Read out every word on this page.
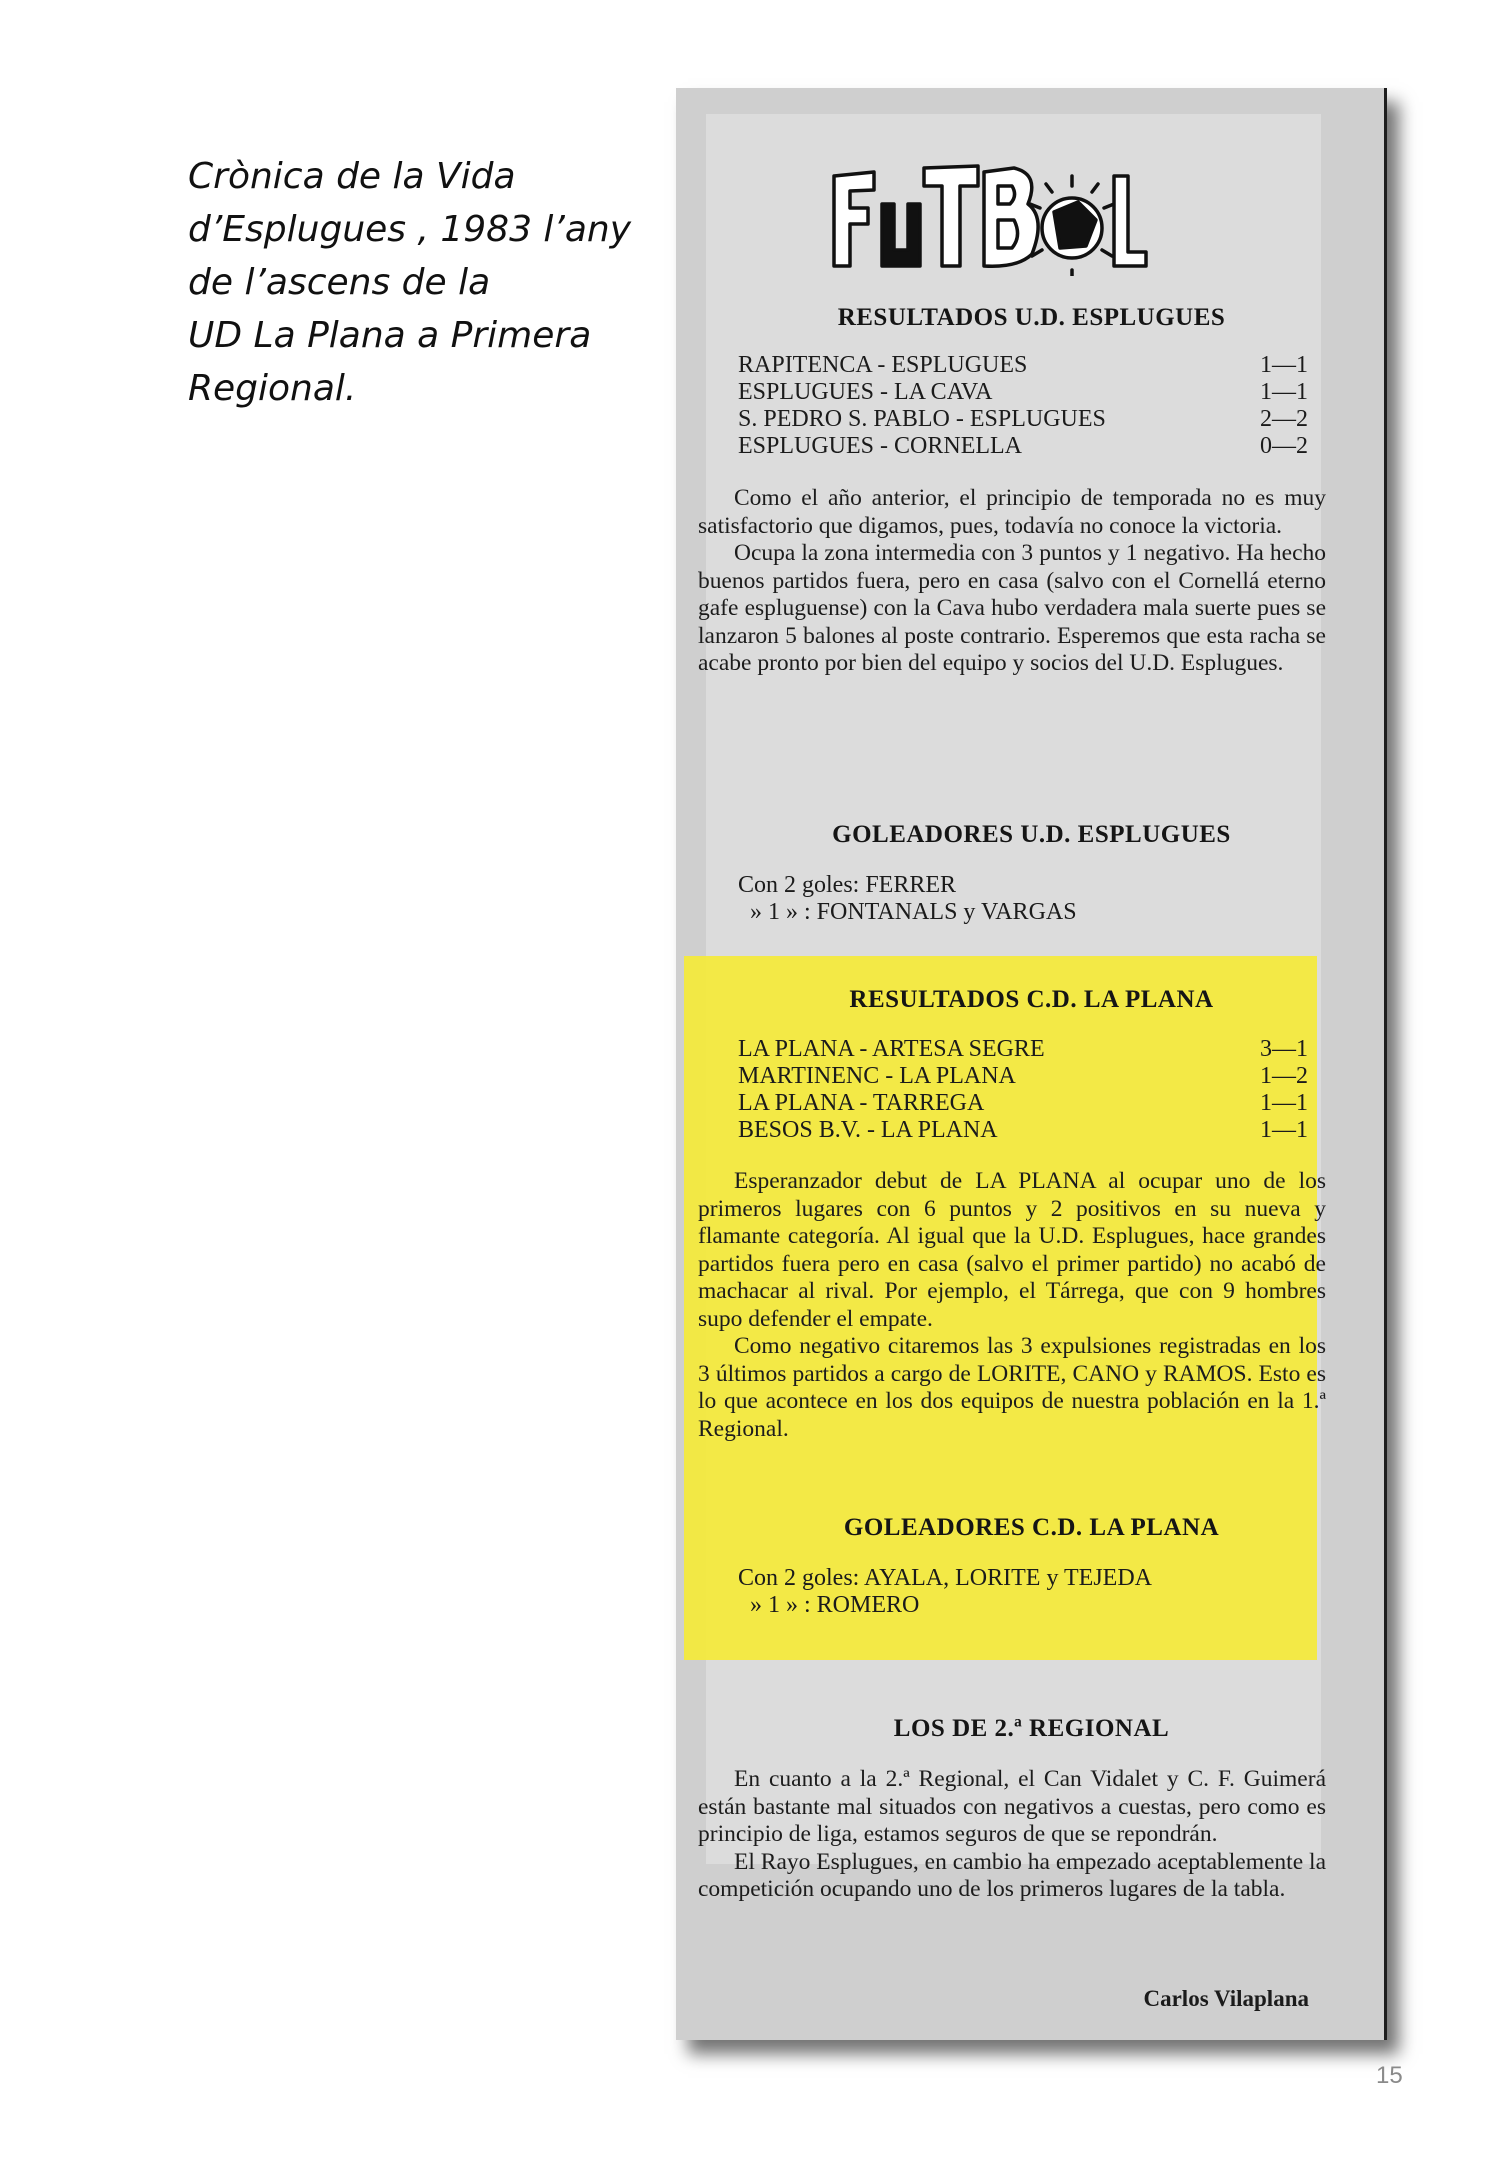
Crònica de la Vida
d’Esplugues , 1983 l’any
de l’ascens de la
UD La Plana a Primera
Regional.
RESULTADOS U.D. ESPLUGUES
RAPITENCA - ESPLUGUES	1—1
ESPLUGUES - LA CAVA	1—1
S. PEDRO S. PABLO - ESPLUGUES	2—2
ESPLUGUES - CORNELLA	0—2

Como el año anterior, el principio de temporada no es muy satisfactorio que digamos, pues, todavía no conoce la victoria.

Ocupa la zona intermedia con 3 puntos y 1 negativo. Ha hecho buenos partidos fuera, pero en casa (salvo con el Cornellá eterno gafe espluguense) con la Cava hubo verdadera mala suerte pues se lanzaron 5 balones al poste contrario. Esperemos que esta racha se acabe pronto por bien del equipo y socios del U.D. Esplugues.

GOLEADORES U.D. ESPLUGUES
Con 2 goles: FERRER
» 1 » : FONTANALS y VARGAS
RESULTADOS C.D. LA PLANA
LA PLANA - ARTESA SEGRE	3—1
MARTINENC - LA PLANA	1—2
LA PLANA - TARREGA	1—1
BESOS B.V. - LA PLANA	1—1

Esperanzador debut de LA PLANA al ocupar uno de los primeros lugares con 6 puntos y 2 positivos en su nueva y flamante categoría. Al igual que la U.D. Esplugues, hace grandes partidos fuera pero en casa (salvo el primer partido) no acabó de machacar al rival. Por ejemplo, el Tárrega, que con 9 hombres supo defender el empate.

Como negativo citaremos las 3 expulsiones registradas en los 3 últimos partidos a cargo de LORITE, CANO y RAMOS. Esto es lo que acontece en los dos equipos de nuestra población en la 1.ª Regional.

GOLEADORES C.D. LA PLANA
Con 2 goles: AYALA, LORITE y TEJEDA
» 1 » : ROMERO
LOS DE 2.ª REGIONAL

En cuanto a la 2.ª Regional, el Can Vidalet y C. F. Guimerá están bastante mal situados con negativos a cuestas, pero como es principio de liga, estamos seguros de que se repondrán.

El Rayo Esplugues, en cambio ha empezado aceptablemente la competición ocupando uno de los primeros lugares de la tabla.

Carlos Vilaplana
15
